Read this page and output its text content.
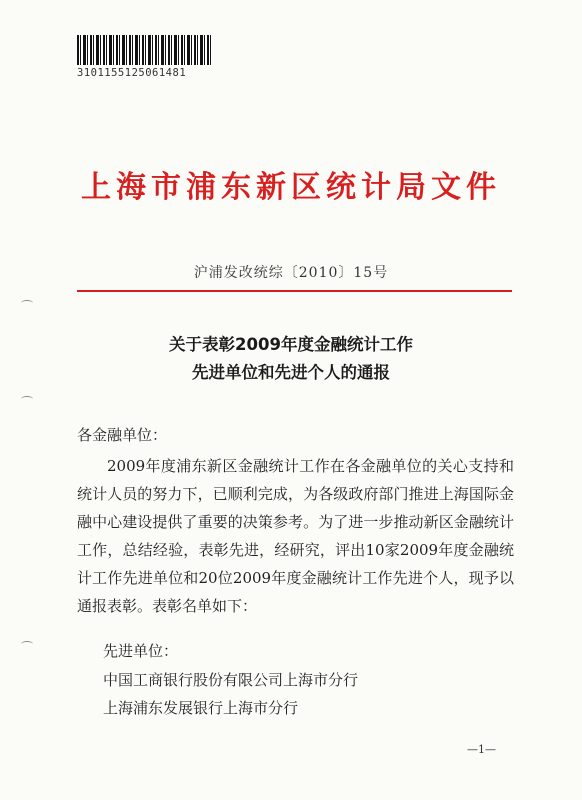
3101155125061481
上海市浦东新区统计局文件
沪浦发改统综〔2010〕15号
关于表彰2009年度金融统计工作
先进单位和先进个人的通报
各金融单位：
2009年度浦东新区金融统计工作在各金融单位的关心支持和统计人员的努力下，已顺利完成，为各级政府部门推进上海国际金融中心建设提供了重要的决策参考。为了进一步推动新区金融统计工作，总结经验，表彰先进，经研究，评出10家2009年度金融统计工作先进单位和20位2009年度金融统计工作先进个人，现予以通报表彰。表彰名单如下：
先进单位：
中国工商银行股份有限公司上海市分行
上海浦东发展银行上海市分行
—1—
